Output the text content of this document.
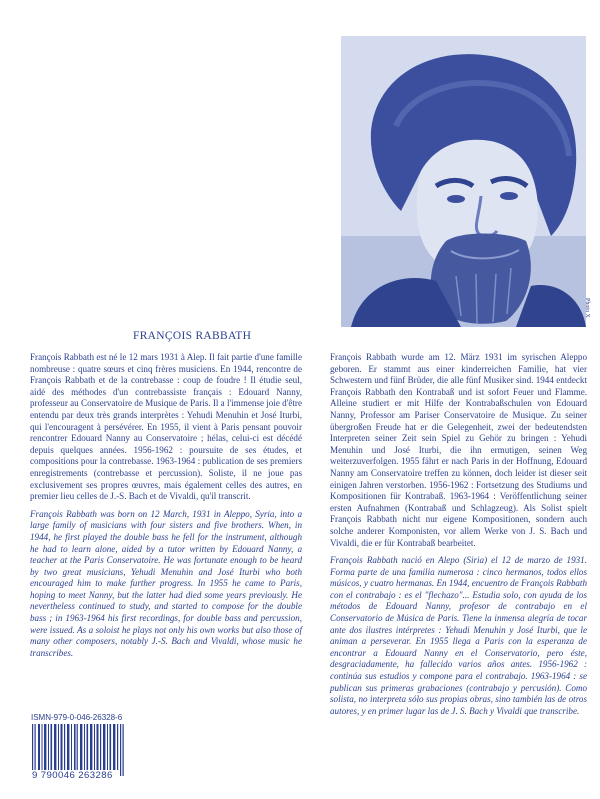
Photo X
FRANÇOIS RABBATH

François Rabbath est né le 12 mars 1931 à Alep. Il fait partie d'une famille nombreuse : quatre sœurs et cinq frères musiciens. En 1944, rencontre de François Rabbath et de la contrebasse : coup de foudre ! Il étudie seul, aidé des méthodes d'un contrebassiste français : Edouard Nanny, professeur au Conservatoire de Musique de Paris. Il a l'immense joie d'être entendu par deux très grands interprètes : Yehudi Menuhin et José Iturbi, qui l'encouragent à persévérer. En 1955, il vient à Paris pensant pouvoir rencontrer Edouard Nanny au Conservatoire ; hélas, celui-ci est décédé depuis quelques années. 1956-1962 : poursuite de ses études, et compositions pour la contrebasse. 1963-1964 : publication de ses premiers enregistrements (contrebasse et percussion). Soliste, il ne joue pas exclusivement ses propres œuvres, mais également celles des autres, en premier lieu celles de J.-S. Bach et de Vivaldi, qu'il transcrit.

François Rabbath was born on 12 March, 1931 in Aleppo, Syria, into a large family of musicians with four sisters and five brothers. When, in 1944, he first played the double bass he fell for the instrument, although he had to learn alone, aided by a tutor written by Edouard Nanny, a teacher at the Paris Conservatoire. He was fortunate enough to be heard by two great musicians, Yehudi Menuhin and José Iturbi who both encouraged him to make further progress. In 1955 he came to Paris, hoping to meet Nanny, but the latter had died some years previously. He nevertheless continued to study, and started to compose for the double bass ; in 1963-1964 his first recordings, for double bass and percussion, were issued. As a soloist he plays not only his own works but also those of many other composers, notably J.-S. Bach and Vivaldi, whose music he transcribes.

François Rabbath wurde am 12. März 1931 im syrischen Aleppo geboren. Er stammt aus einer kinderreichen Familie, hat vier Schwestern und fünf Brüder, die alle fünf Musiker sind. 1944 entdeckt François Rabbath den Kontrabaß und ist sofort Feuer und Flamme. Alleine studiert er mit Hilfe der Kontrabaßschulen von Edouard Nanny, Professor am Pariser Conservatoire de Musique. Zu seiner übergroßen Freude hat er die Gelegenheit, zwei der bedeutendsten Interpreten seiner Zeit sein Spiel zu Gehör zu bringen : Yehudi Menuhin und José Iturbi, die ihn ermutigen, seinen Weg weiterzuverfolgen. 1955 fährt er nach Paris in der Hoffnung, Edouard Nanny am Conservatoire treffen zu können, doch leider ist dieser seit einigen Jahren verstorben. 1956-1962 : Fortsetzung des Studiums und Kompositionen für Kontrabaß. 1963-1964 : Veröffentlichung seiner ersten Aufnahmen (Kontrabaß und Schlagzeug). Als Solist spielt François Rabbath nicht nur eigene Kompositionen, sondern auch solche anderer Komponisten, vor allem Werke von J. S. Bach und Vivaldi, die er für Kontrabaß bearbeitet.

François Rabbath nació en Alepo (Siria) el 12 de marzo de 1931. Forma parte de una familia numerosa : cinco hermanos, todos ellos músicos, y cuatro hermanas. En 1944, encuentro de François Rabbath con el contrabajo : es el "flechazo"... Estudia solo, con ayuda de los métodos de Edouard Nanny, profesor de contrabajo en el Conservatorio de Música de Paris. Tiene la inmensa alegría de tocar ante dos ilustres intérpretes : Yehudi Menuhin y José Iturbi, que le animan a perseverar. En 1955 llega a Paris con la esperanza de encontrar a Edouard Nanny en el Conservatorio, pero éste, desgraciadamente, ha fallecido varios años antes. 1956-1962 : continúa sus estudios y compone para el contrabajo. 1963-1964 : se publican sus primeras grabaciones (contrabajo y percusión). Como solista, no interpreta sólo sus propias obras, sino también las de otros autores, y en primer lugar las de J. S. Bach y Vivaldi que transcribe.

ISMN-979-0-046-26328-6
9 790046 263286
